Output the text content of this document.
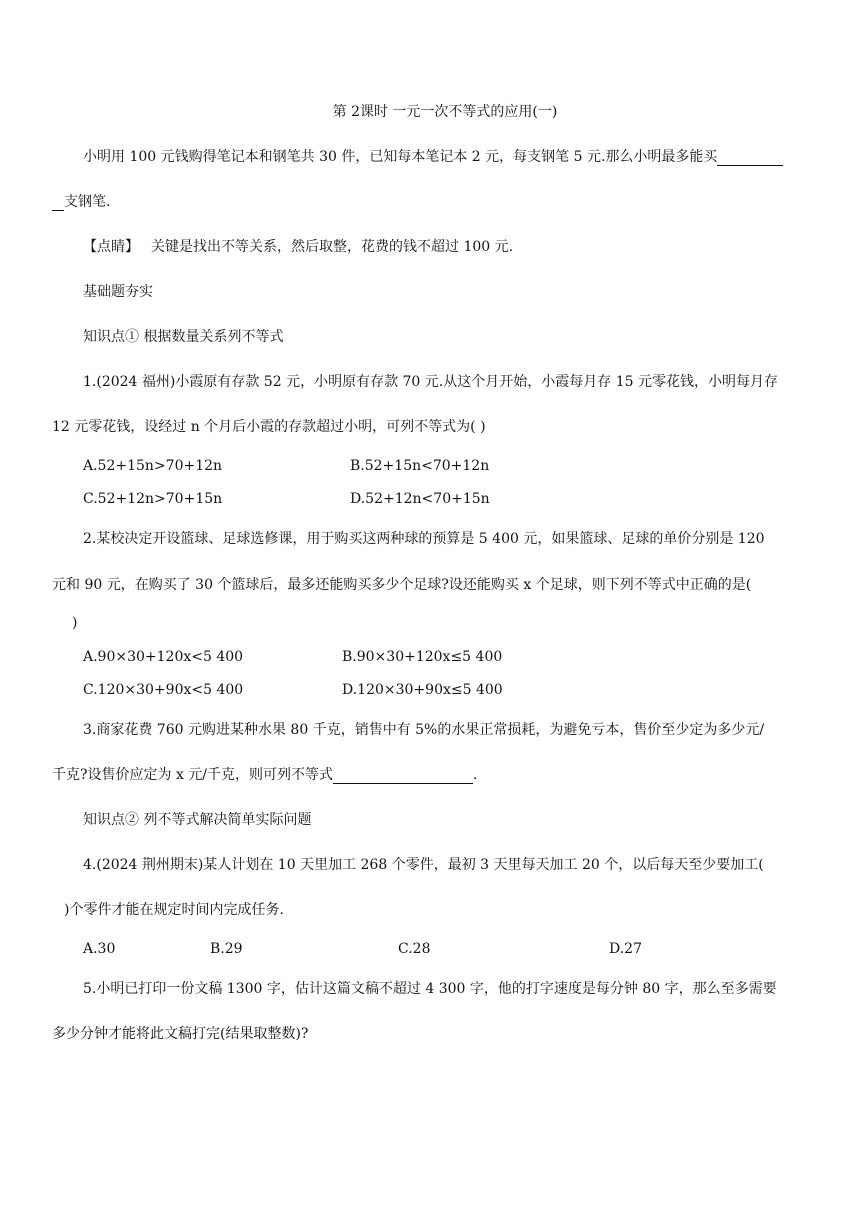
第 2课时 一元一次不等式的应用(一)
小明用 100 元钱购得笔记本和钢笔共 30 件，已知每本笔记本 2 元，每支钢笔 5 元.那么小明最多能买
支钢笔.
【点睛】 关键是找出不等关系，然后取整，花费的钱不超过 100 元.
基础题夯实
知识点① 根据数量关系列不等式
1.(2024 福州)小霞原有存款 52 元，小明原有存款 70 元.从这个月开始，小霞每月存 15 元零花钱，小明每月存
12 元零花钱，设经过 n 个月后小霞的存款超过小明，可列不等式为( )
A.52+15n>70+12n	B.52+15n<70+12n
C.52+12n>70+15n	D.52+12n<70+15n
2.某校决定开设篮球、足球选修课，用于购买这两种球的预算是 5 400 元，如果篮球、足球的单价分别是 120
元和 90 元，在购买了 30 个篮球后，最多还能购买多少个足球?设还能购买 x 个足球，则下列不等式中正确的是(
)
A.90×30+120x<5 400	B.90×30+120x≤5 400
C.120×30+90x<5 400	D.120×30+90x≤5 400
3.商家花费 760 元购进某种水果 80 千克，销售中有 5%的水果正常损耗，为避免亏本，售价至少定为多少元/
千克?设售价应定为 x 元/千克，则可列不等式	.
知识点② 列不等式解决简单实际问题
4.(2024 荆州期末)某人计划在 10 天里加工 268 个零件，最初 3 天里每天加工 20 个，以后每天至少要加工(
)个零件才能在规定时间内完成任务.
A.30	B.29	C.28	D.27
5.小明已打印一份文稿 1300 字，估计这篇文稿不超过 4 300 字，他的打字速度是每分钟 80 字，那么至多需要
多少分钟才能将此文稿打完(结果取整数)?
